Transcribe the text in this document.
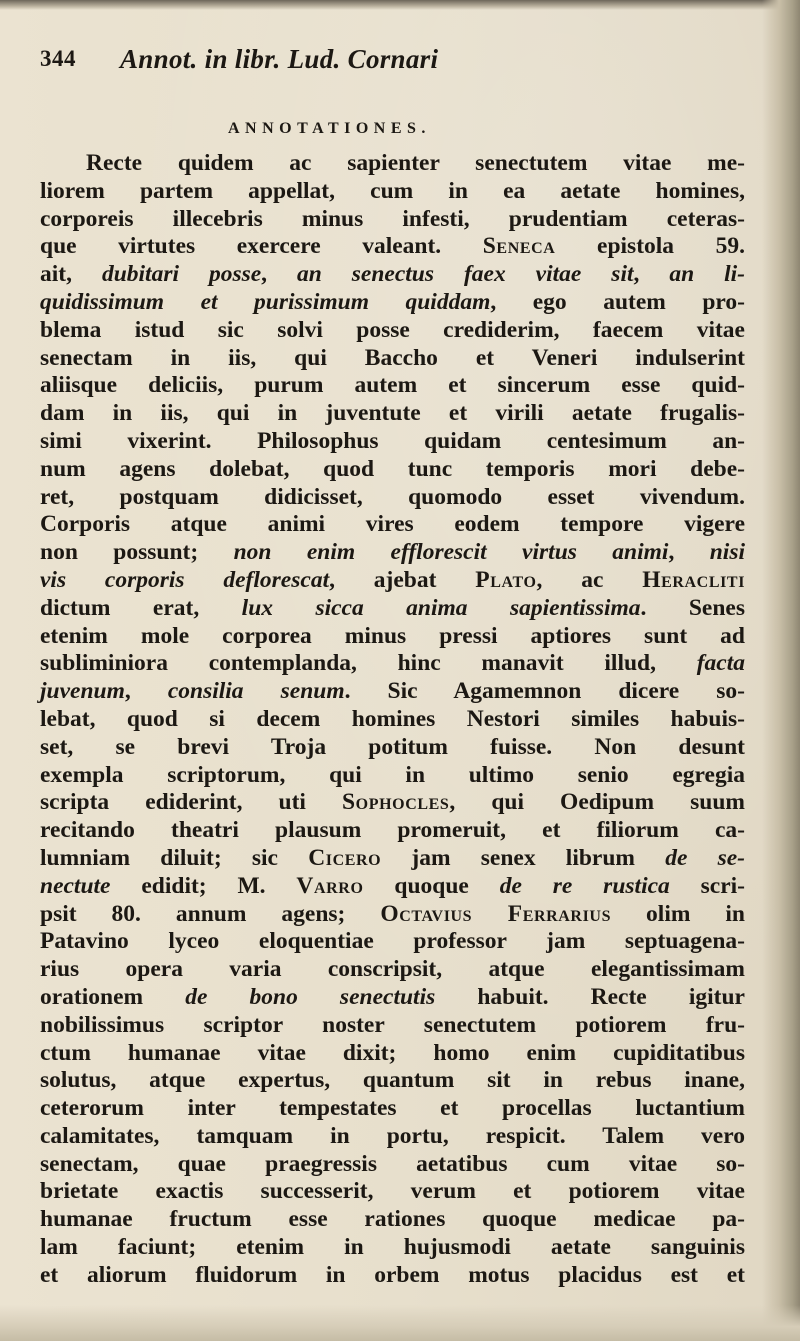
344 Annot. in libr. Lud. Cornari
ANNOTATIONES.
Recte quidem ac sapienter senectutem vitae me-
liorem partem appellat, cum in ea aetate homines,
corporeis illecebris minus infesti, prudentiam ceteras-
que virtutes exercere valeant. Seneca epistola 59.
ait, dubitari posse, an senectus faex vitae sit, an li-
quidissimum et purissimum quiddam, ego autem pro-
blema istud sic solvi posse crediderim, faecem vitae
senectam in iis, qui Baccho et Veneri indulserint
aliisque deliciis, purum autem et sincerum esse quid-
dam in iis, qui in juventute et virili aetate frugalis-
simi vixerint. Philosophus quidam centesimum an-
num agens dolebat, quod tunc temporis mori debe-
ret, postquam didicisset, quomodo esset vivendum.
Corporis atque animi vires eodem tempore vigere
non possunt; non enim efflorescit virtus animi, nisi
vis corporis deflorescat, ajebat Plato, ac Heracliti
dictum erat, lux sicca anima sapientissima. Senes
etenim mole corporea minus pressi aptiores sunt ad
subliminiora contemplanda, hinc manavit illud, facta
juvenum, consilia senum. Sic Agamemnon dicere so-
lebat, quod si decem homines Nestori similes habuis-
set, se brevi Troja potitum fuisse. Non desunt
exempla scriptorum, qui in ultimo senio egregia
scripta ediderint, uti Sophocles, qui Oedipum suum
recitando theatri plausum promeruit, et filiorum ca-
lumniam diluit; sic Cicero jam senex librum de se-
nectute edidit; M. Varro quoque de re rustica scri-
psit 80. annum agens; Octavius Ferrarius olim in
Patavino lyceo eloquentiae professor jam septuagena-
rius opera varia conscripsit, atque elegantissimam
orationem de bono senectutis habuit. Recte igitur
nobilissimus scriptor noster senectutem potiorem fru-
ctum humanae vitae dixit; homo enim cupiditatibus
solutus, atque expertus, quantum sit in rebus inane,
ceterorum inter tempestates et procellas luctantium
calamitates, tamquam in portu, respicit. Talem vero
senectam, quae praegressis aetatibus cum vitae so-
brietate exactis successerit, verum et potiorem vitae
humanae fructum esse rationes quoque medicae pa-
lam faciunt; etenim in hujusmodi aetate sanguinis
et aliorum fluidorum in orbem motus placidus est et
